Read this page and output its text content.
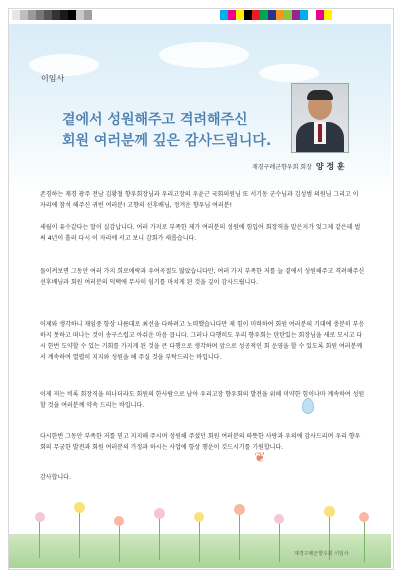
이임사
곁에서 성원해주고 격려해주신
회원 여러분께 깊은 감사드립니다.
재경구례군향우회 회장 양 정 훈
존경하는 재경 광주 전남 김황철 향우회장님과 우리고장의 우윤근 국회의원님 또 서기동 군수님과 김성범 의원님 그리고 이 자리에 참석 해주신 귀빈 여러분! 고향의 선후배님, 정겨운 향우님 여러분!
세월이 유수같다는 말이 실감납니다. 여러 가지로 부족한 제가 여러분의 성원에 힘입어 회장직을 맡은지가 엊그제 같은데 벌써 4년이 흘러 다시 이 자리에 서고 보니 감회가 새롭습니다.
돌이켜보면 그동안 여러 가지 희로애락과 우여곡절도 많았습니다만, 여러 가지 부족한 저를 늘 곁에서 성원해주고 격려해주신 선후배님과 회원 여러분의 덕택에 무사히 임기를 마치게 된 것을 깊이 감사드립니다.
이제와 생각하니 재임중 항상 나름대로 최선을 다하려고 노력했습니다만 제 힘이 미력하여 회원 여러분의 기대에 충분히 부응하지 못하고 떠나는 것이 송구스럽고 아쉬운 마음 큽니다. 그러나 다행히도 우리 향우회는 탄탄있는 회장님을 새로 모시고 다시 한번 도약할 수 있는 기회를 가지게 된 것을 큰 다행으로 생각하며 앞으로 성공적인 회 운영을 할 수 있도록 회원 여러분께서 계속하여 열렬히 지지와 성원을 해 주실 것을 부탁드리는 바입니다.
이제 저는 비록 회장직을 떠나더라도 회원의 한사람으로 남아 우리고장 향우회의 발전을 위해 미약한 힘이나마 계속하여 성원할 것을 여러분께 약속 드리는 바입니다.
다시한번 그동안 부족한 저를 믿고 지지해 주시며 성원해 주셨던 회원 여러분의 따뜻한 사랑과 우의에 감사드리며 우리 향우회의 무궁한 발전과 회원 여러분의 가정과 하시는 사업에 항상 행운이 깃드시기를 기원합니다.
감사합니다.
❦
재경구례군향우회 이임사
